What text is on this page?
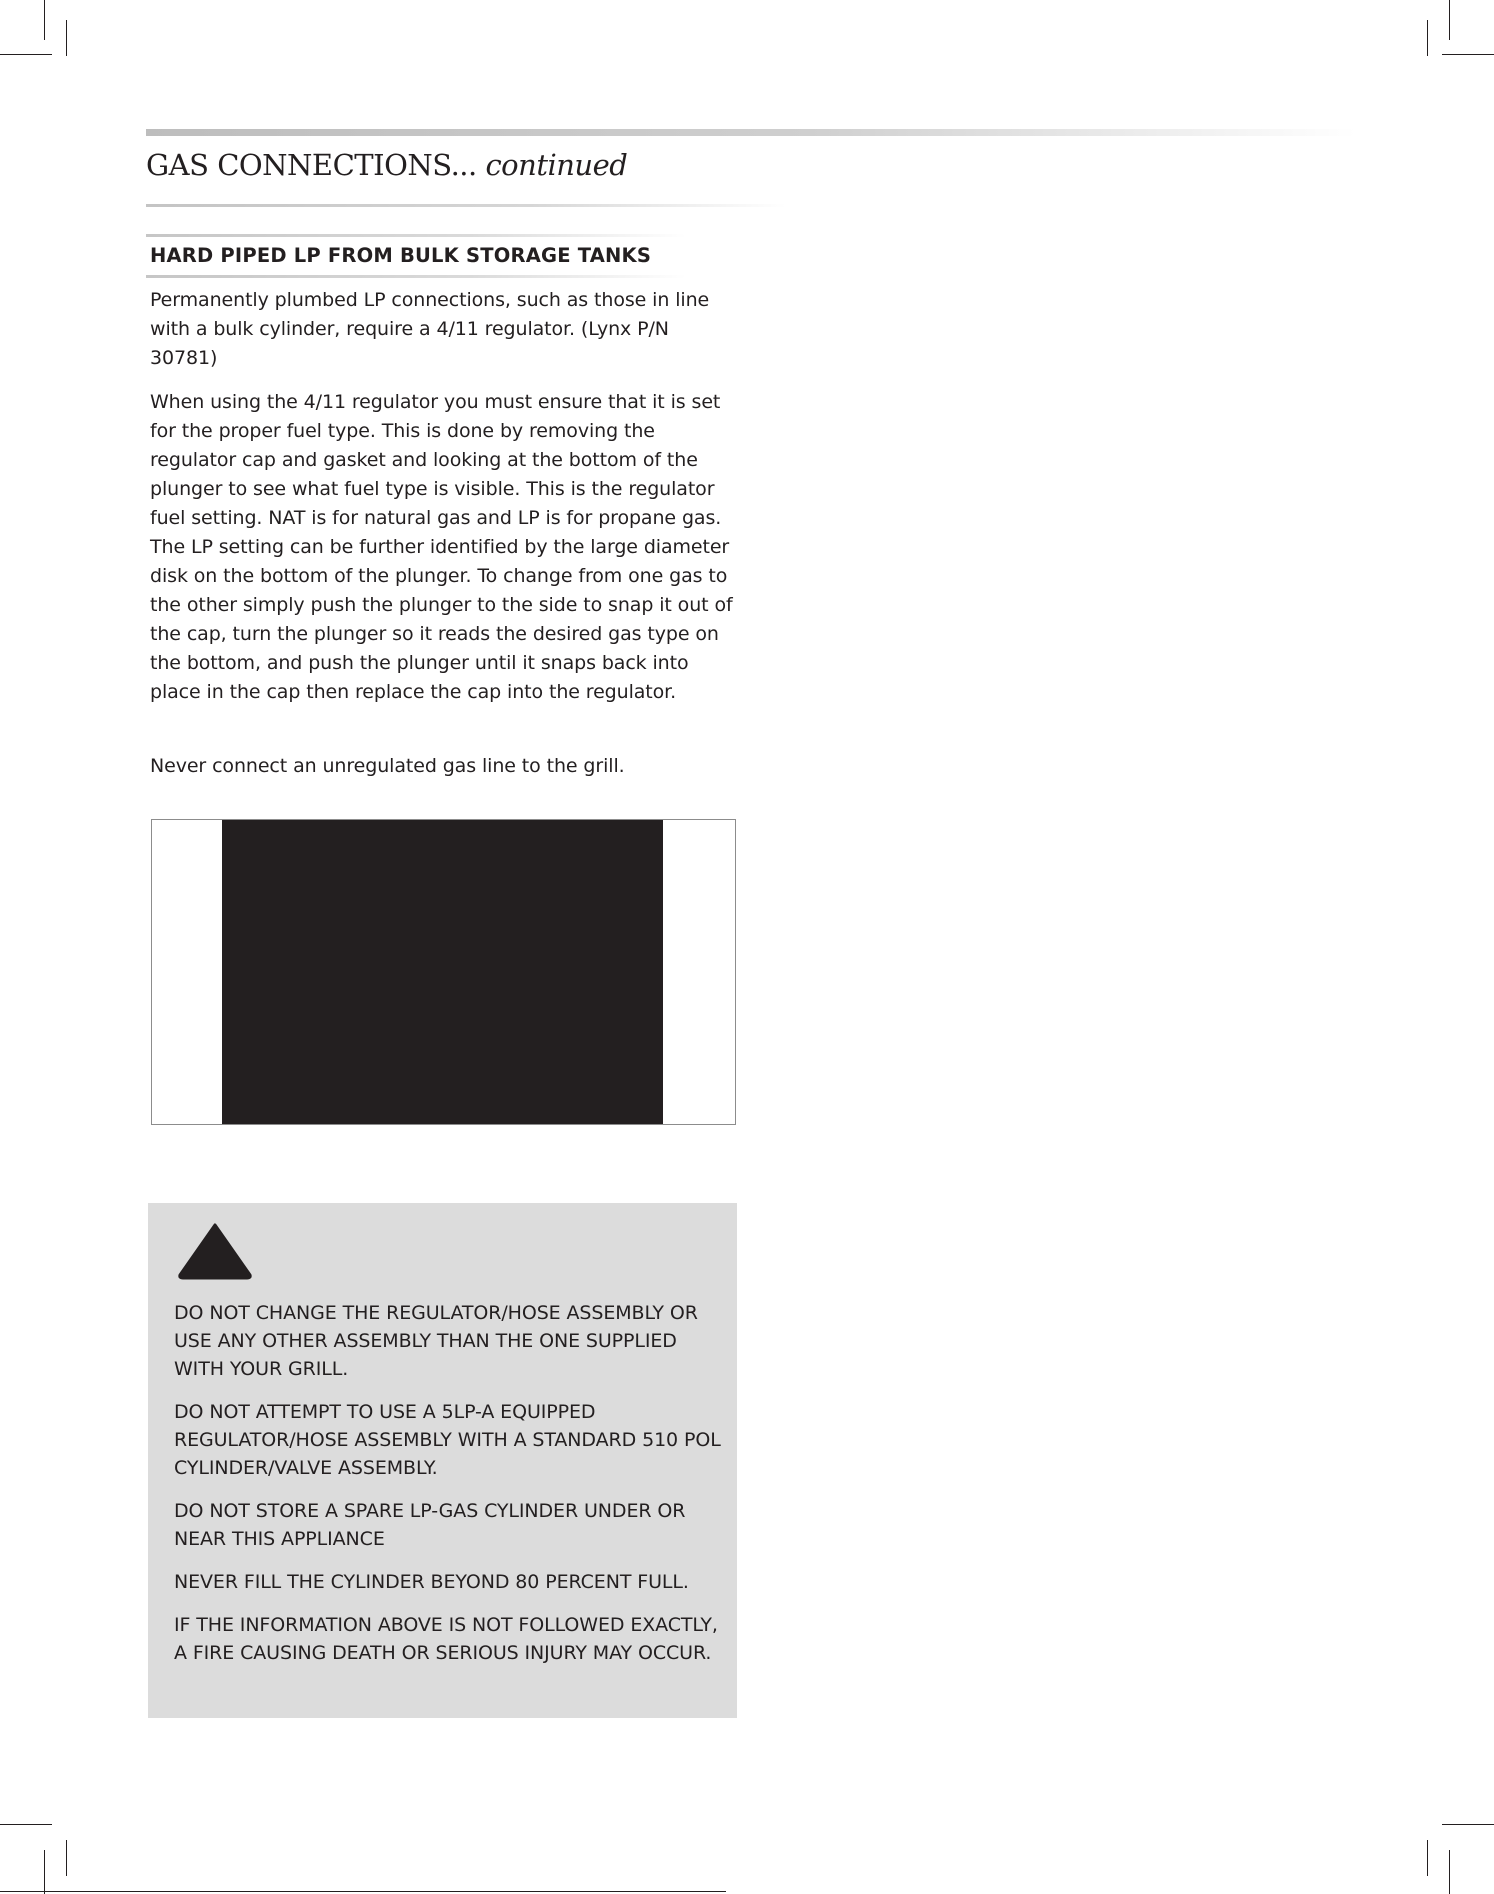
GAS CONNECTIONS... continued
HARD PIPED LP FROM BULK STORAGE TANKS

Permanently plumbed LP connections, such as those in line with a bulk cylinder, require a 4/11 regulator. (Lynx P/N 30781)

When using the 4/11 regulator you must ensure that it is set for the proper fuel type. This is done by removing the regulator cap and gasket and looking at the bottom of the plunger to see what fuel type is visible. This is the regulator fuel setting. NAT is for natural gas and LP is for propane gas. The LP setting can be further identified by the large diameter disk on the bottom of the plunger. To change from one gas to the other simply push the plunger to the side to snap it out of the cap, turn the plunger so it reads the desired gas type on the bottom, and push the plunger until it snaps back into place in the cap then replace the cap into the regulator.

Never connect an unregulated gas line to the grill.

DO NOT CHANGE THE REGULATOR/HOSE ASSEMBLY OR USE ANY OTHER ASSEMBLY THAN THE ONE SUPPLIED WITH YOUR GRILL.
DO NOT ATTEMPT TO USE A 5LP-A EQUIPPED REGULATOR/HOSE ASSEMBLY WITH A STANDARD 510 POL CYLINDER/VALVE ASSEMBLY.
DO NOT STORE A SPARE LP-GAS CYLINDER UNDER OR NEAR THIS APPLIANCE
NEVER FILL THE CYLINDER BEYOND 80 PERCENT FULL.
IF THE INFORMATION ABOVE IS NOT FOLLOWED EXACTLY, A FIRE CAUSING DEATH OR SERIOUS INJURY MAY OCCUR.
